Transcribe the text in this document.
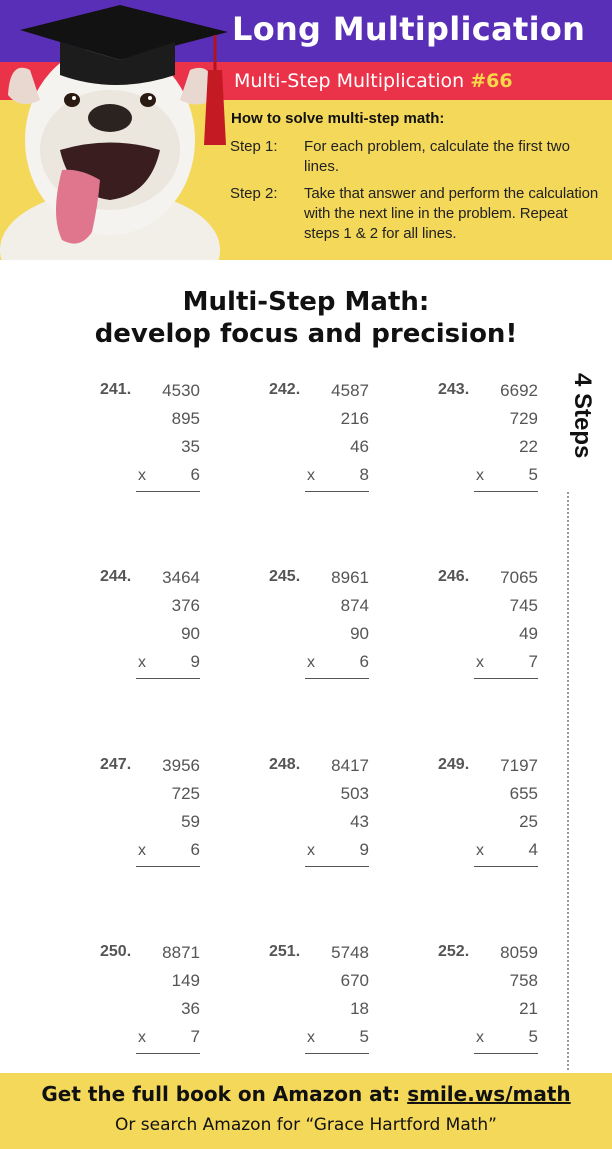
Long Multiplication
Multi-Step Multiplication #66
How to solve multi-step math:
Step 1: For each problem, calculate the first two lines.
Step 2: Take that answer and perform the calculation with the next line in the problem. Repeat steps 1 & 2 for all lines.
Multi-Step Math:
develop focus and precision!
4 Steps
241. 4530
895
35
x	6
242. 4587
216
46
x	8
243. 6692
729
22
x	5
244. 3464
376
90
x	9
245. 8961
874
90
x	6
246. 7065
745
49
x	7
247. 3956
725
59
x	6
248. 8417
503
43
x	9
249. 7197
655
25
x	4
250. 8871
149
36
x	7
251. 5748
670
18
x	5
252. 8059
758
21
x	5
Get the full book on Amazon at: smile.ws/math
Or search Amazon for “Grace Hartford Math”
